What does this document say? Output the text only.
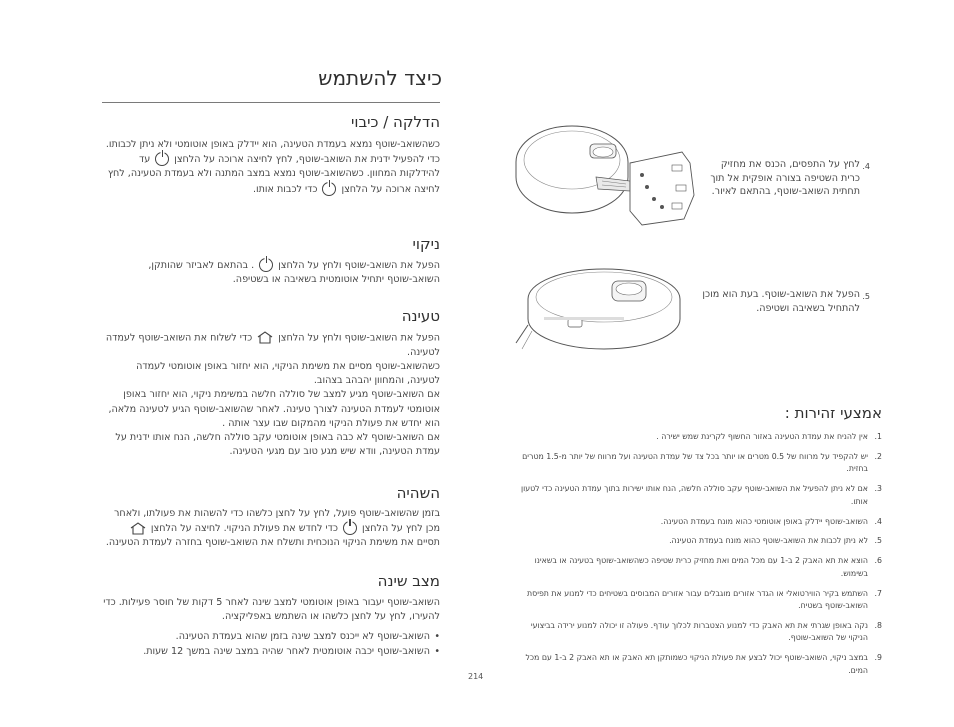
כיצד להשתמש
הדלקה / כיבוי

כשהשואב-שוטף נמצא בעמדת הטעינה, הוא יידלק באופן אוטומטי ולא ניתן לכבותו.

כדי להפעיל ידנית את השואב-שוטף, לחץ לחיצה ארוכה על הלחצןעד להידלקות המחוון. כשהשואב-שוטף נמצא במצב המתנה ולא בעמדת הטעינה, לחץ לחיצה ארוכה על הלחצןכדי לכבות אותו.

ניקוי

הפעל את השואב-שוטף ולחץ על הלחצן. בהתאם לאביזר שהותקן, השואב-שוטף יתחיל אוטומטית בשאיבה או בשטיפה.

טעינה

הפעל את השואב-שוטף ולחץ על הלחצןכדי לשלוח את השואב-שוטף לעמדה לטעינה.

כשהשואב-שוטף מסיים את משימת הניקוי, הוא יחזור באופן אוטומטי לעמדה לטעינה, והמחוון יהבהב בצהוב.

אם השואב-שוטף מגיע למצב של סוללה חלשה במשימת ניקוי, הוא יחזור באופן אוטומטי לעמדת הטעינה לצורך טעינה. לאחר שהשואב-שוטף הגיע לטעינה מלאה, הוא יחדש את פעולת הניקוי מהמקום שבו עצר אותה .

אם השואב-שוטף לא כבה באופן אוטומטי עקב סוללה חלשה, הנח אותו ידנית על עמדת הטעינה, וודא שיש מגע טוב עם מגעי הטעינה.

השהיה

בזמן שהשואב-שוטף פועל, לחץ על לחצן כלשהו כדי להשהות את פעולתו, ולאחר מכן לחץ על הלחצןכדי לחדש את פעולת הניקוי. לחיצה על הלחצןתסיים את משימת הניקוי הנוכחית ותשלח את השואב-שוטף בחזרה לעמדת הטעינה.

מצב שינה

השואב-שוטף יעבור באופן אוטומטי למצב שינה לאחר 5 דקות של חוסר פעילות. כדי להעירו, לחץ על לחצן כלשהו או השתמש באפליקציה.

• השואב-שוטף לא ייכנס למצב שינה בזמן שהוא בעמדת הטעינה.
• השואב-שוטף יכבה אוטומטית לאחר שהיה במצב שינה במשך 12 שעות.
4.
לחץ על התפסים, הכנס את מחזיק כרית השטיפה בצורה אופקית אל תוך תחתית השואב-שוטף, בהתאם לאיור.
5.
הפעל את השואב-שוטף. בעת הוא מוכן להתחיל בשאיבה ושטיפה.
אמצעי זהירות :
1.
אין להניח את עמדת הטעינה באזור החשוף לקרינת שמש ישירה .
2.
יש להקפיד על מרווח של 0.5 מטרים או יותר בכל צד של עמדת הטעינה ועל מרווח של יותר מ-1.5 מטרים בחזית.
3.
אם לא ניתן להפעיל את השואב-שוטף עקב סוללה חלשה, הנח אותו ישירות בתוך עמדת הטעינה כדי לטעון אותו.
4.
השואב-שוטף יידלק באופן אוטומטי כהוא מונח בעמדת הטעינה.
5.
לא ניתן לכבות את השואב-שוטף כהוא מונח בעמדת הטעינה.
6.
הוצא את תא האבק 2 ב-1 עם מכל המים ואת מחזיק כרית שטיפה כשהשואב-שוטף בטעינה או בשאינו בשימוש.
7.
השתמש בקיר הווירטואלי או הגדר אזורים מוגבלים עבור אזורים המבוסים בשטיחים כדי למנוע את תפיסת השואב-שוטף בשטיח.
8.
נקה באופן שגרתי את תא האבק כדי למנוע הצטברות לכלוך עודף. פעולה זו יכולה למנוע ירידה בביצועי הניקוי של השואב-שוטף.
9.
במצב ניקוי, השואב-שוטף יכול לבצע את פעולת הניקוי כשמותקן תא האבק או תא האבק 2 ב-1 עם מכל המים.
214
